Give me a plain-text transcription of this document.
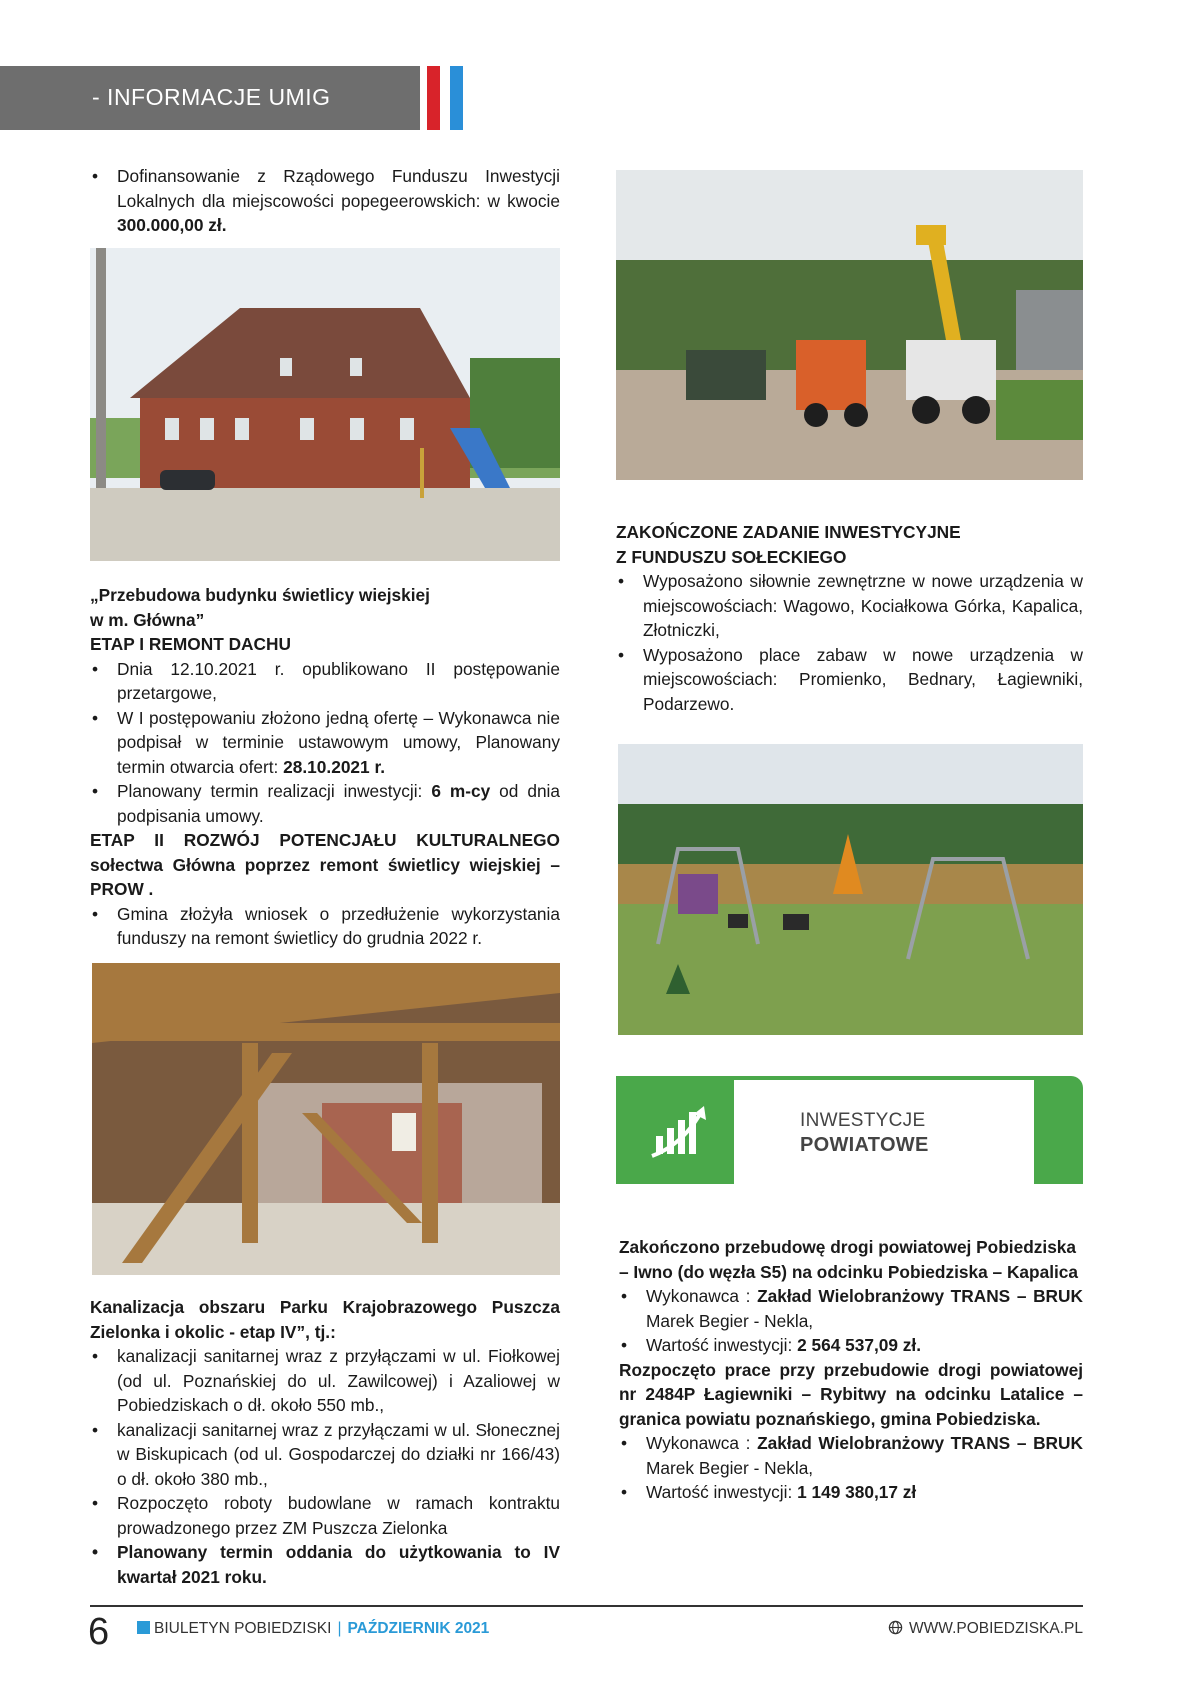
- INFORMACJE UMIG
• Dofinansowanie z Rządowego Funduszu Inwestycji Lokalnych dla miejscowości popegeerowskich: w kwocie 300.000,00 zł.

„Przebudowa budynku świetlicy wiejskiej

w m. Główna”

ETAP I REMONT DACHU

• Dnia 12.10.2021 r. opublikowano II postępowanie przetargowe,
• W I postępowaniu złożono jedną ofertę – Wykonawca nie podpisał w terminie ustawowym umowy, Planowany termin otwarcia ofert: 28.10.2021 r.
• Planowany termin realizacji inwestycji: 6 m-cy od dnia podpisania umowy.

ETAP II ROZWÓJ POTENCJAŁU KULTURALNEGO sołectwa Główna poprzez remont świetlicy wiejskiej – PROW .

• Gmina złożyła wniosek o przedłużenie wykorzystania funduszy na remont świetlicy do grudnia 2022 r.

Kanalizacja obszaru Parku Krajobrazowego Puszcza Zielonka i okolic - etap IV”, tj.:

• kanalizacji sanitarnej wraz z przyłączami w ul. Fiołkowej (od ul. Poznańskiej do ul. Zawilcowej) i Azaliowej w Pobiedziskach o dł. około 550 mb.,
• kanalizacji sanitarnej wraz z przyłączami w ul. Słonecznej w Biskupicach (od ul. Gospodarczej do działki nr 166/43) o dł. około 380 mb.,
• Rozpoczęto roboty budowlane w ramach kontraktu prowadzonego przez ZM Puszcza Zielonka
• Planowany termin oddania do użytkowania to IV kwartał 2021 roku.

ZAKOŃCZONE ZADANIE INWESTYCYJNE

Z FUNDUSZU SOŁECKIEGO

• Wyposażono siłownie zewnętrzne w nowe urządzenia w miejscowościach: Wagowo, Kociałkowa Górka, Kapalica, Złotniczki,
• Wyposażono place zabaw w nowe urządzenia w miejscowościach: Promienko, Bednary, Łagiewniki, Podarzewo.
INWESTYCJE
POWIATOWE

Zakończono przebudowę drogi powiatowej Pobiedziska – Iwno (do węzła S5) na odcinku Pobiedziska – Kapalica

• Wykonawca : Zakład Wielobranżowy TRANS – BRUK Marek Begier - Nekla,
• Wartość inwestycji: 2 564 537,09 zł.

Rozpoczęto prace przy przebudowie drogi powiatowej nr 2484P Łagiewniki – Rybitwy na odcinku Latalice – granica powiatu poznańskiego, gmina Pobiedziska.

• Wykonawca : Zakład Wielobranżowy TRANS – BRUK Marek Begier - Nekla,
• Wartość inwestycji: 1 149 380,17 zł
6	BIULETYN POBIEDZISKI | PAŹDZIERNIK 2021	WWW.POBIEDZISKA.PL
